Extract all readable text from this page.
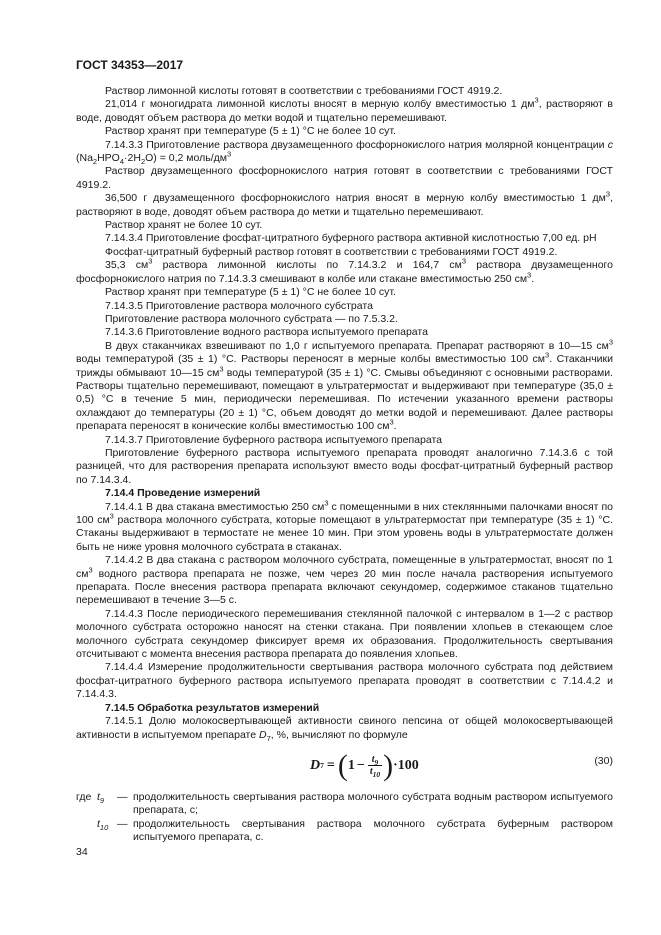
ГОСТ 34353—2017

Раствор лимонной кислоты готовят в соответствии с требованиями ГОСТ 4919.2.

21,014 г моногидрата лимонной кислоты вносят в мерную колбу вместимостью 1 $дм^3$, растворяют в воде, доводят объем раствора до метки водой и тщательно перемешивают.

Раствор хранят при температуре (5 ± 1) °С не более 10 сут.

7.14.3.3 Приготовление раствора двузамещенного фосфорнокислого натрия молярной концентрации c $(Na_2HPO_4\cdot 2H_2O) = 0,2$ моль/$дм^3$

Раствор двузамещенного фосфорнокислого натрия готовят в соответствии с требованиями ГОСТ 4919.2.

36,500 г двузамещенного фосфорнокислого натрия вносят в мерную колбу вместимостью 1 $дм^3$, растворяют в воде, доводят объем раствора до метки и тщательно перемешивают.

Раствор хранят не более 10 сут.

7.14.3.4 Приготовление фосфат-цитратного буферного раствора активной кислотностью 7,00 ед. pH

Фосфат-цитратный буферный раствор готовят в соответствии с требованиями ГОСТ 4919.2.

35,3 $см^3$ раствора лимонной кислоты по 7.14.3.2 и 164,7 $см^3$ раствора двузамещенного фосфорнокислого натрия по 7.14.3.3 смешивают в колбе или стакане вместимостью 250 $см^3$.

Раствор хранят при температуре (5 ± 1) °С не более 10 сут.

7.14.3.5 Приготовление раствора молочного субстрата

Приготовление раствора молочного субстрата — по 7.5.3.2.

7.14.3.6 Приготовление водного раствора испытуемого препарата

В двух стаканчиках взвешивают по 1,0 г испытуемого препарата. Препарат растворяют в 10—15 $см^3$ воды температурой (35 ± 1) °С. Растворы переносят в мерные колбы вместимостью 100 $см^3$. Стаканчики трижды обмывают 10—15 $см^3$ воды температурой (35 ± 1) °С. Смывы объединяют с основными растворами. Растворы тщательно перемешивают, помещают в ультратермостат и выдерживают при температуре (35,0 ± 0,5) °С в течение 5 мин, периодически перемешивая. По истечении указанного времени растворы охлаждают до температуры (20 ± 1) °С, объем доводят до метки водой и перемешивают. Далее растворы препарата переносят в конические колбы вместимостью 100 $см^3$.

7.14.3.7 Приготовление буферного раствора испытуемого препарата

Приготовление буферного раствора испытуемого препарата проводят аналогично 7.14.3.6 с той разницей, что для растворения препарата используют вместо воды фосфат-цитратный буферный раствор по 7.14.3.4.

7.14.4 Проведение измерений

7.14.4.1 В два стакана вместимостью 250 $см^3$ с помещенными в них стеклянными палочками вносят по 100 $см^3$ раствора молочного субстрата, которые помещают в ультратермостат при температуре (35 ± 1) °С. Стаканы выдерживают в термостате не менее 10 мин. При этом уровень воды в ультратермостате должен быть не ниже уровня молочного субстрата в стаканах.

7.14.4.2 В два стакана с раствором молочного субстрата, помещенные в ультратермостат, вносят по 1 $см^3$ водного раствора препарата не позже, чем через 20 мин после начала растворения испытуемого препарата. После внесения раствора препарата включают секундомер, содержимое стаканов тщательно перемешивают в течение 3—5 с.

7.14.4.3 После периодического перемешивания стеклянной палочкой с интервалом в 1—2 с раствор молочного субстрата осторожно наносят на стенки стакана. При появлении хлопьев в стекающем слое молочного субстрата секундомер фиксирует время их образования. Продолжительность свертывания отсчитывают с момента внесения раствора препарата до появления хлопьев.

7.14.4.4 Измерение продолжительности свертывания раствора молочного субстрата под действием фосфат-цитратного буферного раствора испытуемого препарата проводят в соответствии с 7.14.4.2 и 7.14.4.3.

7.14.5 Обработка результатов измерений

7.14.5.1 Долю молокосвертывающей активности свиного пепсина от общей молокосвертывающей активности в испытуемом препарате $D_7$, %, вычисляют по формуле

D 7 = ( $1 - \frac{t_9}{t_{10}}$ ) ·100	(30)
где $t_9$	— продолжительность свертывания раствора молочного субстрата водным раствором испытуемого препарата, с;
$t_{10}$ — продолжительность свертывания раствора молочного субстрата буферным раствором испытуемого препарата, с.
34
